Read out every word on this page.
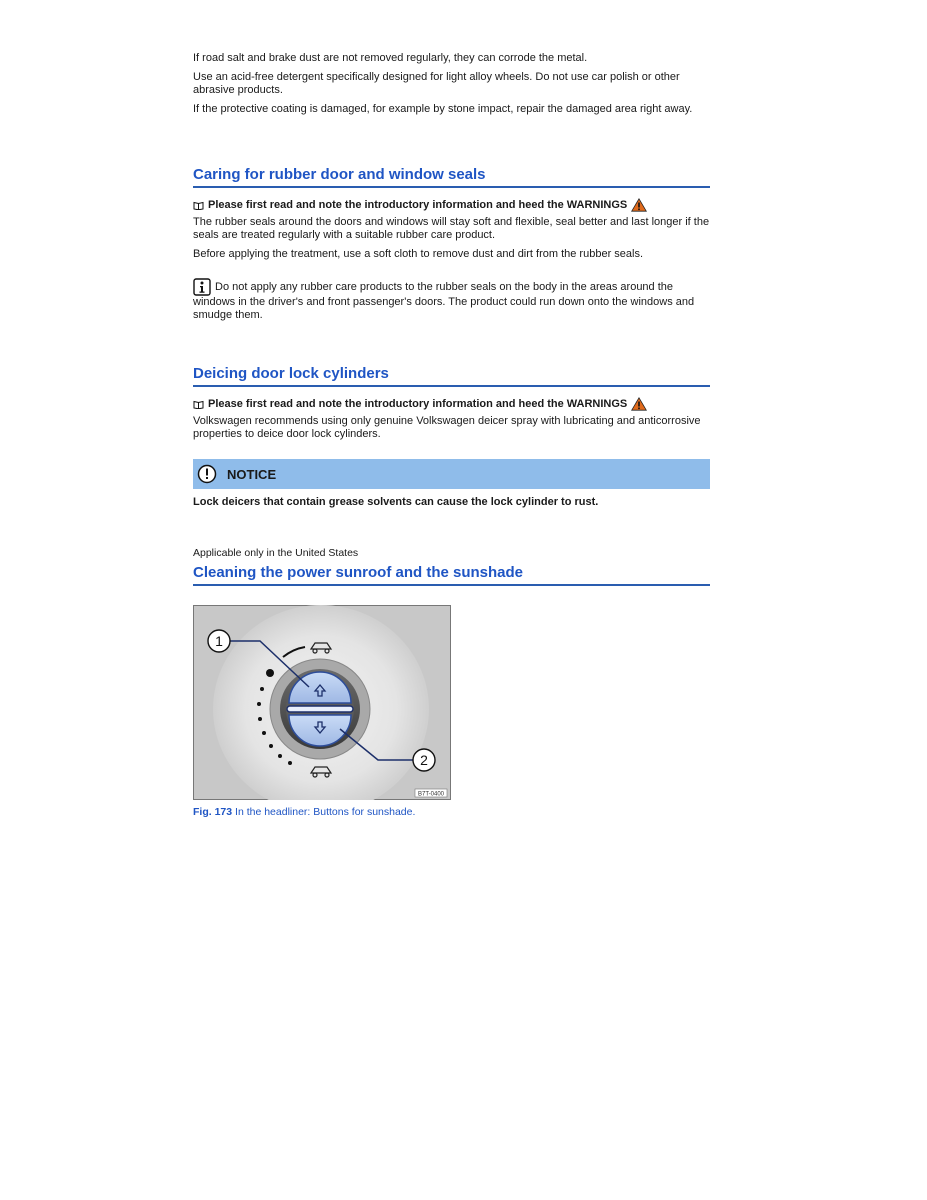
If road salt and brake dust are not removed regularly, they can corrode the metal.

Use an acid-free detergent specifically designed for light alloy wheels. Do not use car polish or other abrasive products.

If the protective coating is damaged, for example by stone impact, repair the damaged area right away.

Caring for rubber door and window seals
Please first read and note the introductory information and heed the WARNINGS

The rubber seals around the doors and windows will stay soft and flexible, seal better and last longer if the seals are treated regularly with a suitable rubber care product.

Before applying the treatment, use a soft cloth to remove dust and dirt from the rubber seals.

Do not apply any rubber care products to the rubber seals on the body in the areas around the windows in the driver's and front passenger's doors. The product could run down onto the windows and smudge them.

Deicing door lock cylinders
Please first read and note the introductory information and heed the WARNINGS

Volkswagen recommends using only genuine Volkswagen deicer spray with lubricating and anticorrosive properties to deice door lock cylinders.

NOTICE

Lock deicers that contain grease solvents can cause the lock cylinder to rust.

Applicable only in the United States

Cleaning the power sunroof and the sunshade
1
2
B7T-0400
Fig. 173 In the headliner: Buttons for sunshade.
